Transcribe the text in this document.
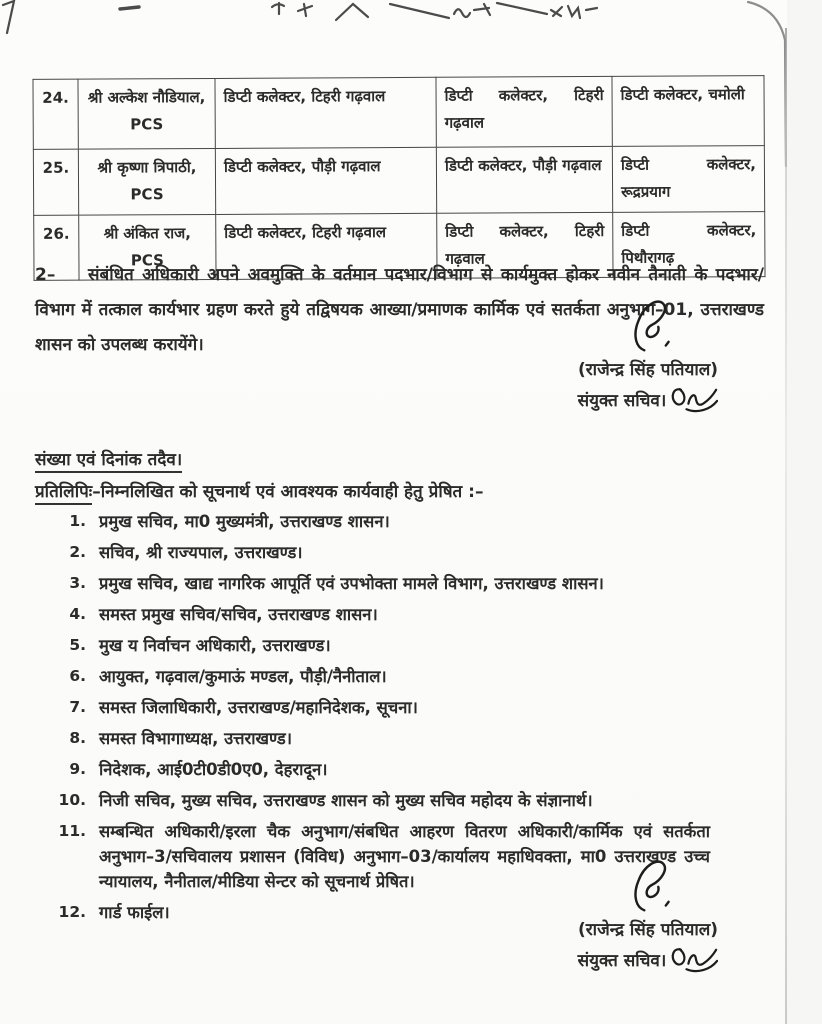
24.	श्री अल्केश नौडियाल, PCS	डिप्टी कलेक्टर, टिहरी गढ़वाल	डिप्टी कलेक्टर, टिहरी गढ़वाल	डिप्टी कलेक्टर, चमोली
25.	श्री कृष्णा त्रिपाठी, PCS	डिप्टी कलेक्टर, पौड़ी गढ़वाल	डिप्टी कलेक्टर, पौड़ी गढ़वाल	डिप्टी कलेक्टर, रूद्रप्रयाग
26.	श्री अंकित राज, PCS	डिप्टी कलेक्टर, टिहरी गढ़वाल	डिप्टी कलेक्टर, टिहरी गढ़वाल	डिप्टी कलेक्टर, पिथौरागढ़
2– संबंधित अधिकारी अपने अवमुक्ति के वर्तमान पदभार/विभाग से कार्यमुक्त होकर नवीन तैनाती के पदभार/विभाग में तत्काल कार्यभार ग्रहण करते हुये तद्विषयक आख्या/प्रमाणक कार्मिक एवं सतर्कता अनुभाग–01, उत्तराखण्ड शासन को उपलब्ध करायेंगे।
(राजेन्द्र सिंह पतियाल)
संयुक्त सचिव।
संख्या एवं दिनांक तदैव।
प्रतिलिपिः–निम्नलिखित को सूचनार्थ एवं आवश्यक कार्यवाही हेतु प्रेषित :–
1. प्रमुख सचिव, मा0 मुख्यमंत्री, उत्तराखण्ड शासन।
2. सचिव, श्री राज्यपाल, उत्तराखण्ड।
3. प्रमुख सचिव, खाद्य नागरिक आपूर्ति एवं उपभोक्ता मामले विभाग, उत्तराखण्ड शासन।
4. समस्त प्रमुख सचिव/सचिव, उत्तराखण्ड शासन।
5. मुख य निर्वाचन अधिकारी, उत्तराखण्ड।
6. आयुक्त, गढ़वाल/कुमाऊं मण्डल, पौड़ी/नैनीताल।
7. समस्त जिलाधिकारी, उत्तराखण्ड/महानिदेशक, सूचना।
8. समस्त विभागाध्यक्ष, उत्तराखण्ड।
9. निदेशक, आई0टी0डी0ए0, देहरादून।
10. निजी सचिव, मुख्य सचिव, उत्तराखण्ड शासन को मुख्य सचिव महोदय के संज्ञानार्थ।
11. सम्बन्धित अधिकारी/इरला चैक अनुभाग/संबधित आहरण वितरण अधिकारी/कार्मिक एवं सतर्कता अनुभाग–3/सचिवालय प्रशासन (विविध) अनुभाग–03/कार्यालय महाधिवक्ता, मा0 उत्तराखण्ड उच्च न्यायालय, नैनीताल/मीडिया सेन्टर को सूचनार्थ प्रेषित।
12. गार्ड फाईल।
(राजेन्द्र सिंह पतियाल)
संयुक्त सचिव।
